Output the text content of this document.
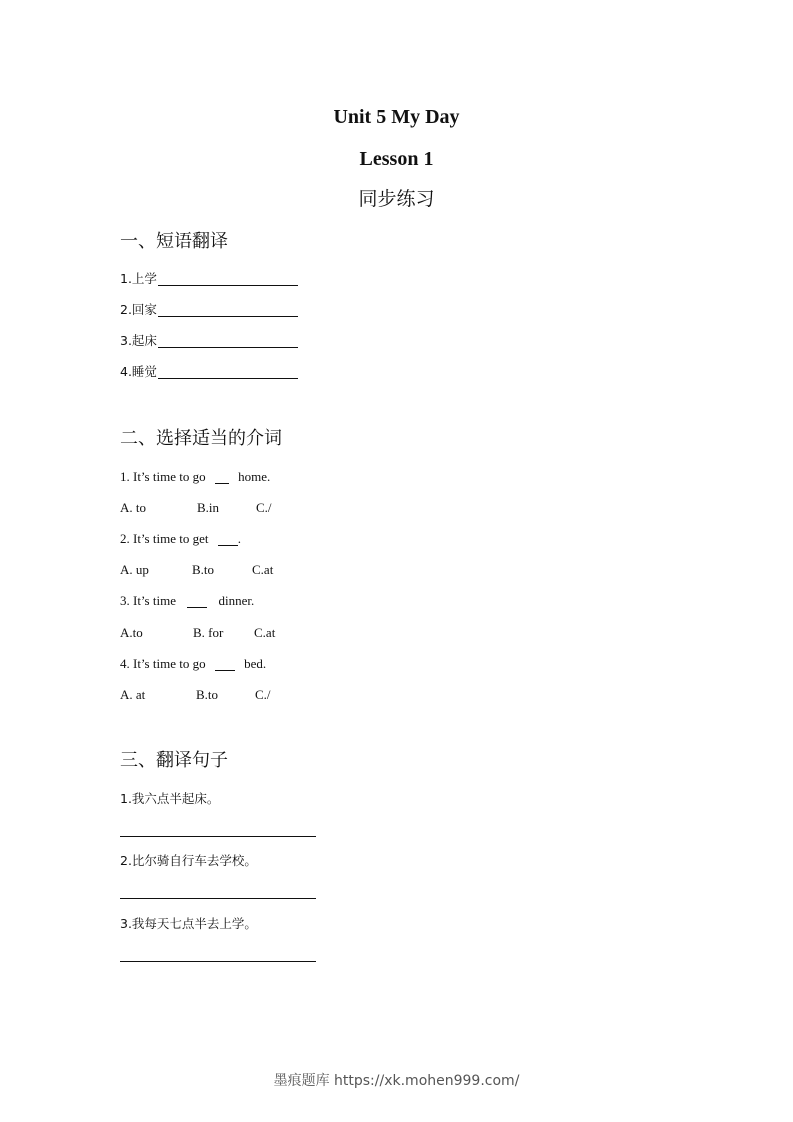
Unit 5 My Day
Lesson 1
同步练习
一、短语翻译
1.上学
2.回家
3.起床
4.睡觉
二、选择适当的介词
1. It’s time to go	home.
A. to	B.in	C./
2. It’s time to get .
A. up	B.to	C.at
3. It’s time	dinner.
A.to	B. for C.at
4. It’s time to go	bed.
A. at	B.to	C./
三、翻译句子
1.我六点半起床。
2.比尔骑自行车去学校。
3.我每天七点半去上学。
墨痕题库 https://xk.mohen999.com/
